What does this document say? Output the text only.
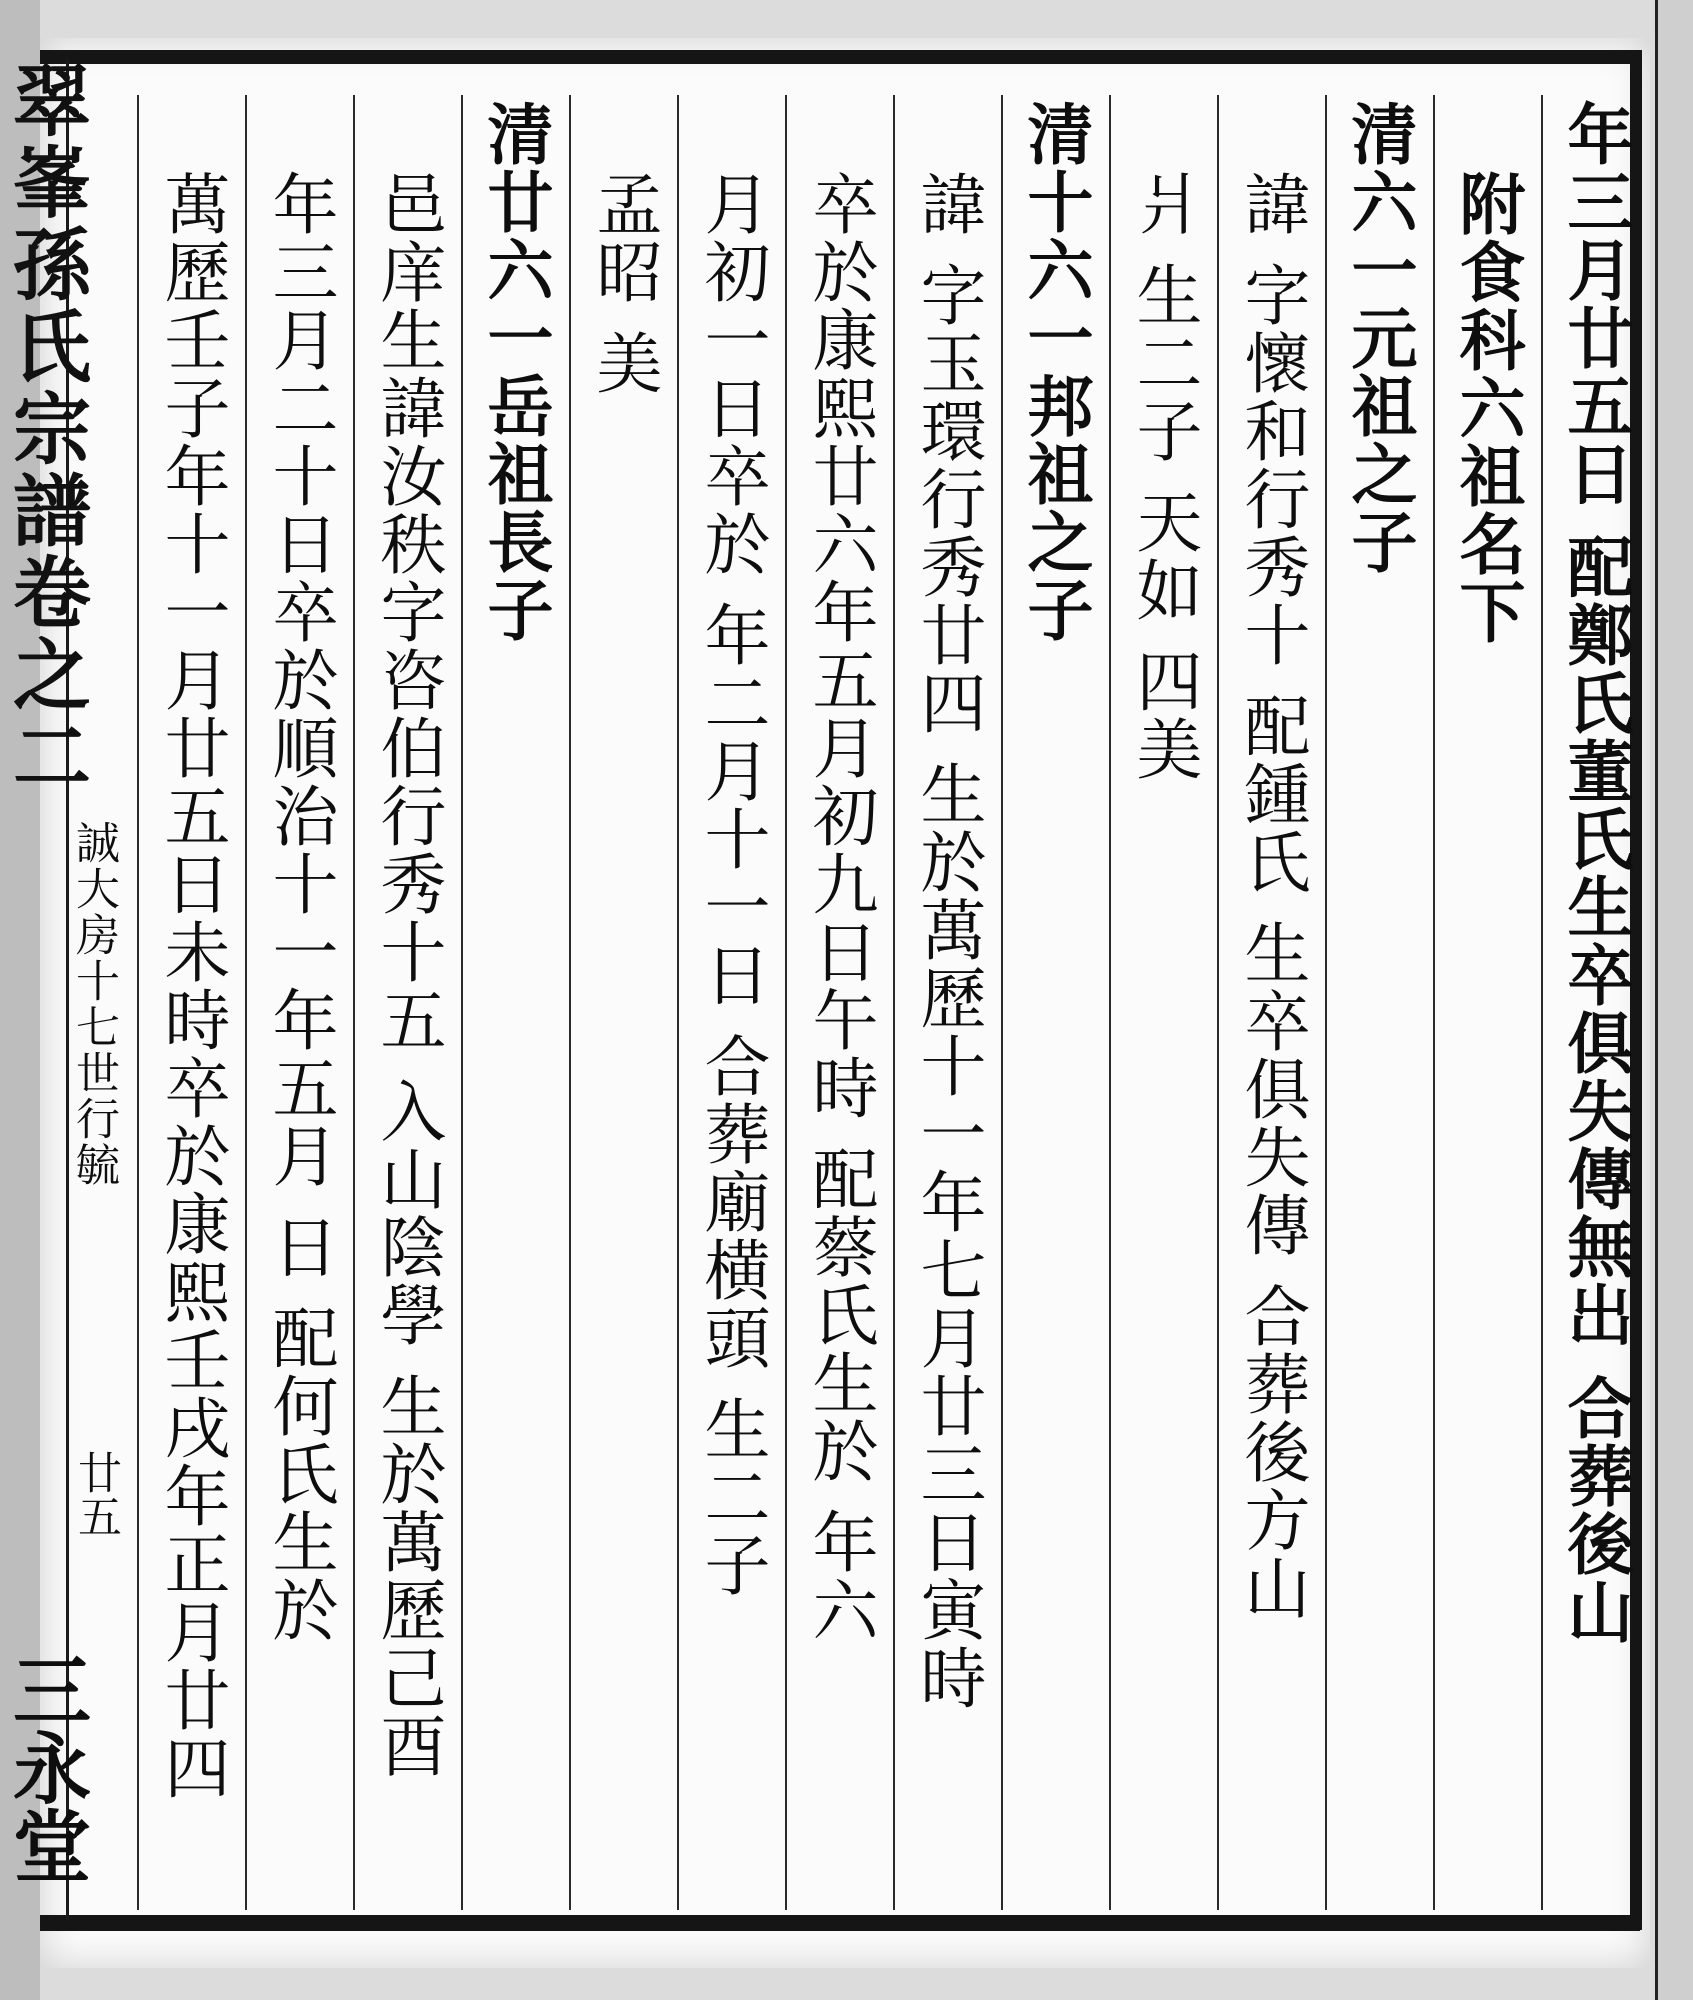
翠峯孫氏宗譜卷之二
誠大房十七世行毓
廿五
三永堂
年三月廿五日 配鄭氏董氏生卒俱失傳無出 合葬後山
附食科六祖名下
清六一元祖之子
諱 字懷和行秀十 配鍾氏 生卒俱失傳 合葬後方山
爿 生二子 天如 四美
清十六一邦祖之子
諱 字玉環行秀廿四 生於萬歷十一年七月廿三日寅時
卒於康熙廿六年五月初九日午時 配蔡氏生於 年六
月初一日卒於 年二月十一日 合葬廟横頭 生二子
孟昭 美
清廿六一岳祖長子
邑庠生諱汝秩字咨伯行秀十五 入山陰學 生於萬歷己酉
年三月二十日卒於順治十一年五月 日 配何氏生於
萬歷壬子年十一月廿五日未時卒於康熙壬戌年正月廿四
